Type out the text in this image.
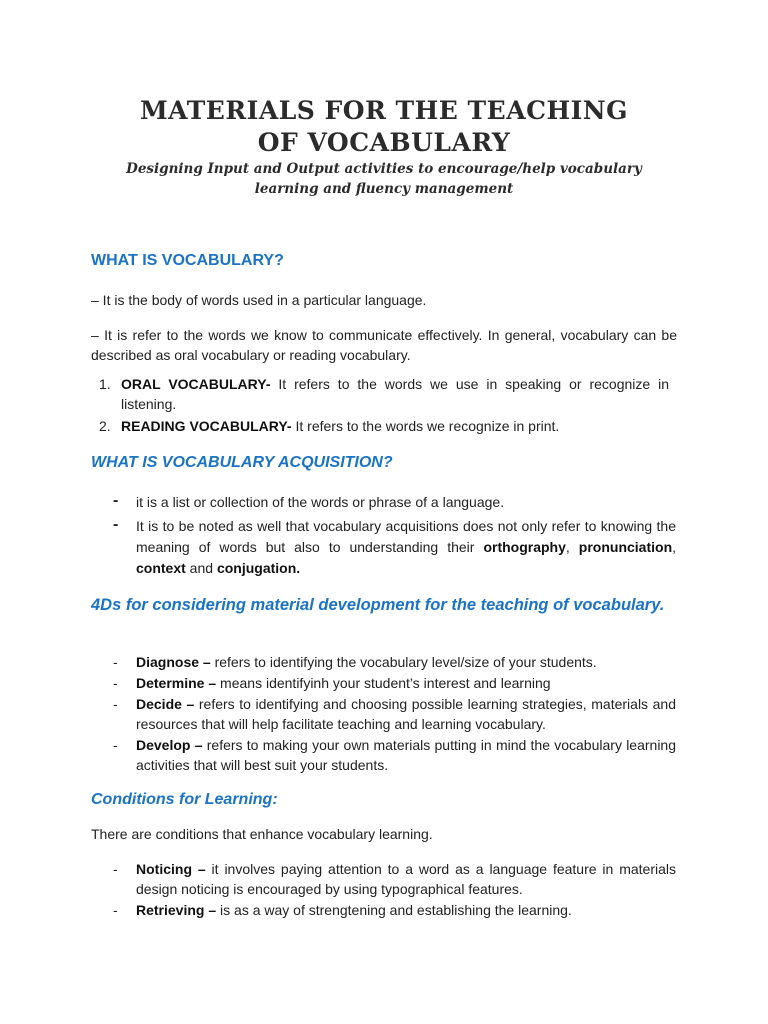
MATERIALS FOR THE TEACHING
OF VOCABULARY
Designing Input and Output activities to encourage/help vocabulary
learning and fluency management
WHAT IS VOCABULARY?
– It is the body of words used in a particular language.
– It is refer to the words we know to communicate effectively. In general, vocabulary can be described as oral vocabulary or reading vocabulary.
1. ORAL VOCABULARY- It refers to the words we use in speaking or recognize in listening.
2. READING VOCABULARY- It refers to the words we recognize in print.
WHAT IS VOCABULARY ACQUISITION?
- it is a list or collection of the words or phrase of a language.
- It is to be noted as well that vocabulary acquisitions does not only refer to knowing the meaning of words but also to understanding their orthography, pronunciation, context and conjugation.
4Ds for considering material development for the teaching of vocabulary.
- Diagnose – refers to identifying the vocabulary level/size of your students.
- Determine – means identifyinh your student’s interest and learning
- Decide – refers to identifying and choosing possible learning strategies, materials and resources that will help facilitate teaching and learning vocabulary.
- Develop – refers to making your own materials putting in mind the vocabulary learning activities that will best suit your students.
Conditions for Learning:
There are conditions that enhance vocabulary learning.
- Noticing – it involves paying attention to a word as a language feature in materials design noticing is encouraged by using typographical features.
- Retrieving – is as a way of strengtening and establishing the learning.
